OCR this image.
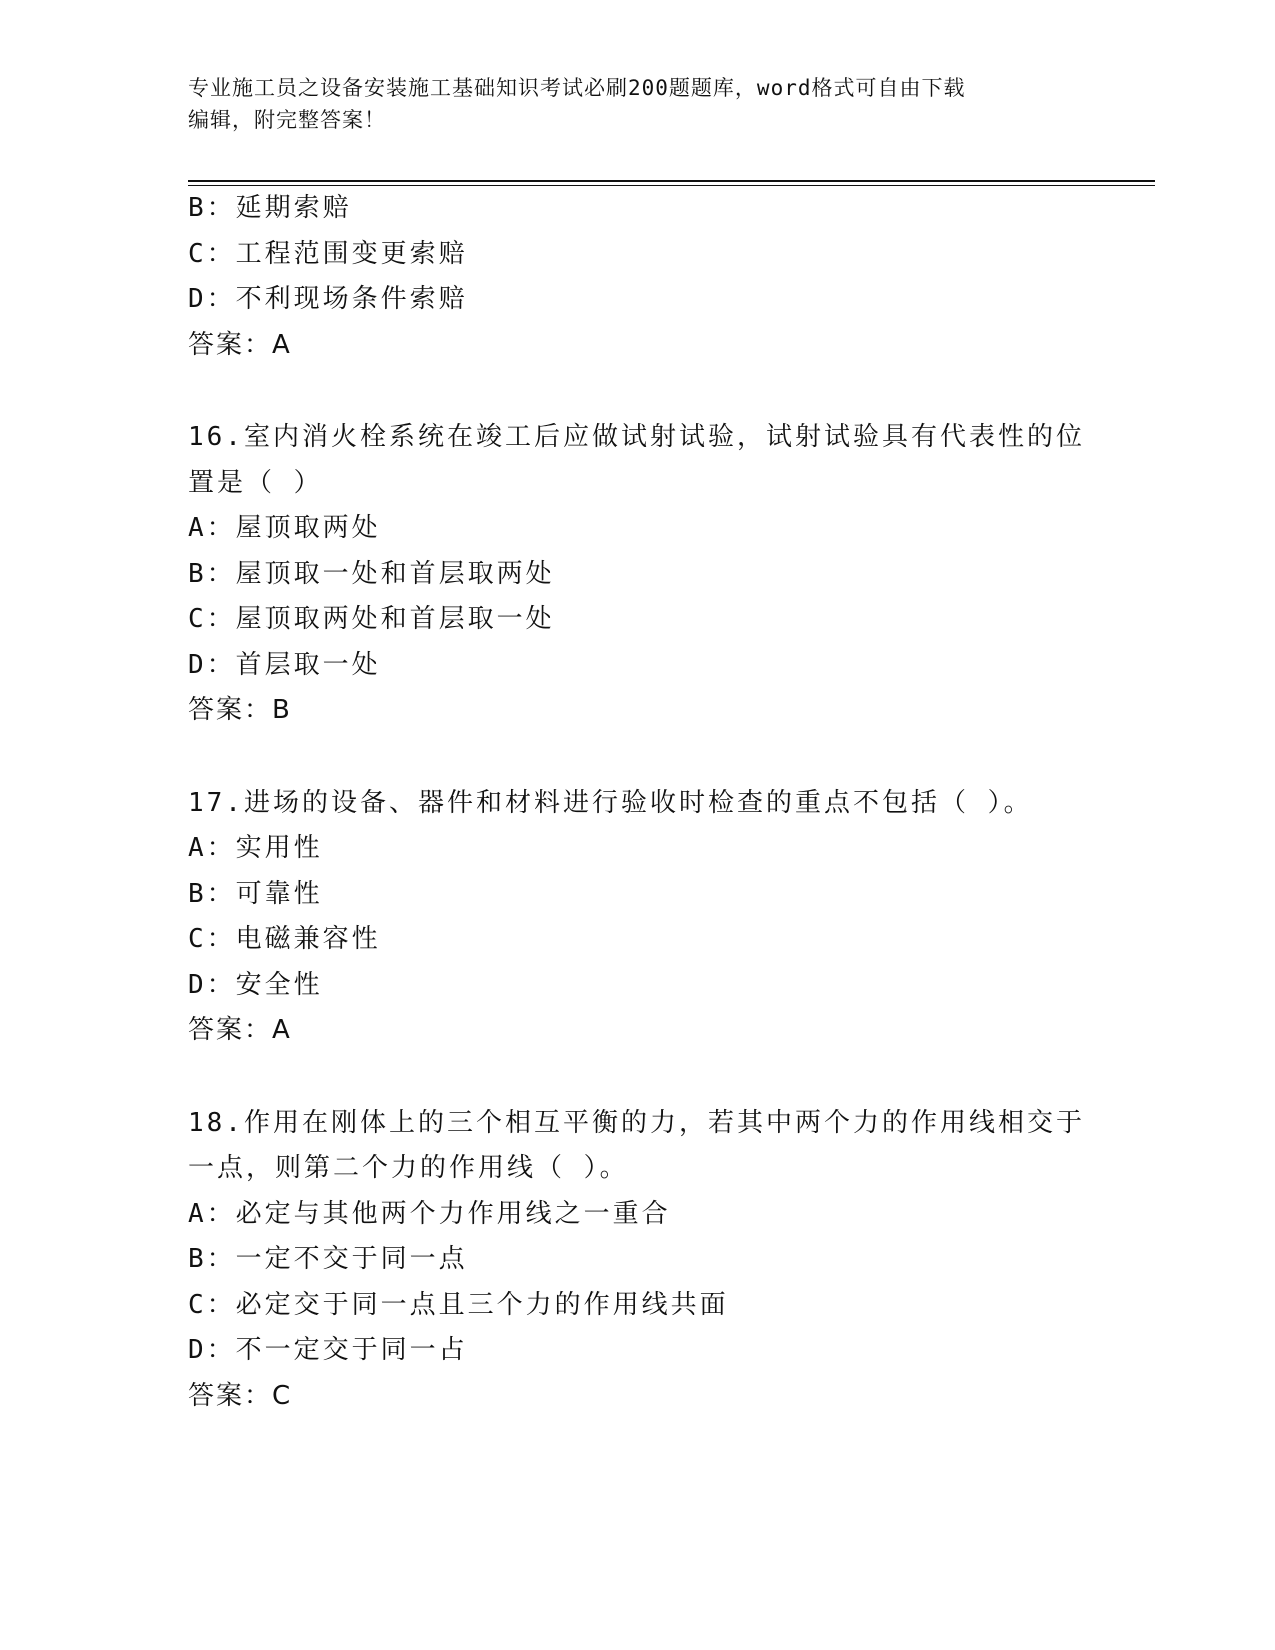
专业施工员之设备安装施工基础知识考试必刷200题题库，word格式可自由下载
编辑，附完整答案！
B：延期索赔
C：工程范围变更索赔
D：不利现场条件索赔
答案：A
16.室内消火栓系统在竣工后应做试射试验，试射试验具有代表性的位
置是（ ）
A：屋顶取两处
B：屋顶取一处和首层取两处
C：屋顶取两处和首层取一处
D：首层取一处
答案：B
17.进场的设备、器件和材料进行验收时检查的重点不包括（ ）。
A：实用性
B：可靠性
C：电磁兼容性
D：安全性
答案：A
18.作用在刚体上的三个相互平衡的力，若其中两个力的作用线相交于
一点，则第二个力的作用线（ ）。
A：必定与其他两个力作用线之一重合
B：一定不交于同一点
C：必定交于同一点且三个力的作用线共面
D：不一定交于同一占
答案：C
